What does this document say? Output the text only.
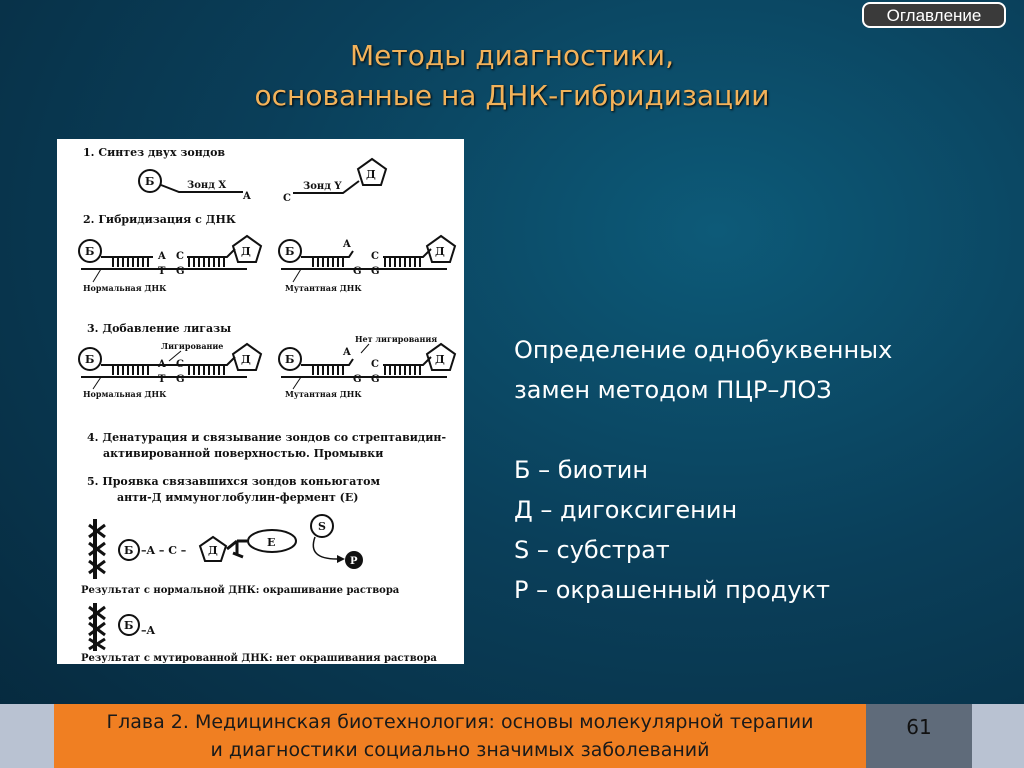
Оглавление
Методы диагностики,
основанные на ДНК-гибридизации
1. Синтез двух зондов
Б	Зонд X
A	C
Зонд Y
Д
2. Гибридизация с ДНК
Б	A
T
C
G
Д
Нормальная ДНК
Б
A
G
C
G
Д
Мутантная ДНК
3. Добавление лигазы
Лигирование
Б	A
T
C
G
Д
Нормальная ДНК
Нет лигирования
Б
A
G
C
G
Д
Мутантная ДНК
4. Денатурация и связывание зондов со стрептавидин-
активированной поверхностью. Промывки
5. Проявка связавшихся зондов коньюгатом
анти-Д иммуноглобулин-фермент (Е)
Б –A – C – Д
Е
S
P
Результат с нормальной ДНК: окрашивание раствора
Б –A
Результат с мутированной ДНК: нет окрашивания раствора
Определение однобуквенных
замен методом ПЦР–ЛОЗ
Б – биотин
Д – дигоксигенин
S – субстрат
P – окрашенный продукт
Глава 2. Медицинская биотехнология: основы молекулярной терапии
и диагностики социально значимых заболеваний
61
